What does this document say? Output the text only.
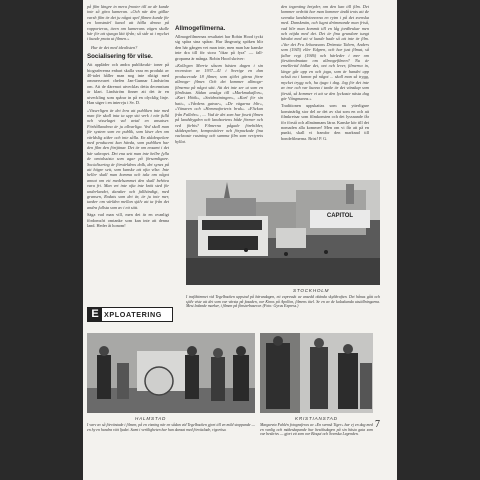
på film längre in mera fronter till av de kunde inte så göra kameran. »Och när den gällar varsh film är det ju något spel filmen kunde för en konstnärl kanal att hålla denna på rapporteras, även om kamerans vägen skulle här för att sjunga lätt ifrån; så står ut i mycket i kunde prata ut filmen.»

Hur är det med idealisten?

Socialisering för vilse.
Att appläder och andra publikvakt- ioner på biografererna enbart skalla vara en produkt av 40-talet håller man nog inte riktigt med ommersvaret chefen Jan-Gunnar Lindström om. Att de däremot utvecklas detta decennium är klart. Lindström finner att det är en utveckling som spårar in på en olycklig linje. Han säger i en intervju i Sv. D.
»Visserligen är det lera att publiken inte med man för skall inta ta upp sitt verk i när fullå och visselaget val avtal en ansatser. Förhållandena är ju allvarliga. Ved skall man för system som en publik, som läser den om världslig söker och inte sålla. En skådespelare med producent kan hävda, som publiken har den film den förtjänar. Det är om ensamt i det här sakrapet. Det ena sett man inte hellre fylla de omtalssista som agar på församligare. Socialisering är förvärldens dolk, det synes på att hägre sett, som kanske att ofta vilse. Inte heller skall man komma och tala om något annat om ett medelsammet den skall behöva vara fri. Man vet inte ofta inte knöt sted för underlandet, dansker och fallhändigt, med gransen, Rodats som det är, är ju inte mer, tanker om världen mellan själv att ta från det andra fullsta som av i ett sätt.
Säga vad man vill, men det är en ovanligt fördomsfri omtanke som kan inte att denna land. Heder åt honom!
Allmogefilmerna.
Allmogefilmernas resultatet har Robin Hood tyckt sig spåra sina spårar. Hur långvarig spöken blir den här gången vet man inte, men man har kanske inte dra till för stora "ökar på fyra" — fall- groparna är många. Robin Hood skriver:
»Kollegen Merriz såsom hästen dagen i sin recension av 1937—41 i Sverige en dan producerade 18 filmer, som självt gärna förre allmoge- filmer. Och det kommer allmoge- filmerna på något sätt. Att det inte ser ut som en filmlistan. Sådan ansågs till »Markmakaflon», »Kari Höök», »Snödrottningen», »Karl för sin hatt», »Vårdens gatvar», »De vägarna blir», »Vänaren och »Hemmaforteris bruk». »Flickan från Fallebo» , .... Vad är det som hur fosett filmen på landsbygden och landsortens både förmer och ved förbis? Filmerna pågade förebilder, skådespelare, kompositörer och förpackade fina vackraste rustning och samma film som vertyrets hyllat.
den ingenting betyder, om den kan till film. Det kommer ordrätt har man kommer ändå trots att de svenska landskvinnorna en rytm i på det svenska med. Danskmän, och lugnt drömmande man friså, vad blir man kommit till en låg jordbrukar men och nöjda med det. Det är fina grundare tungt hävdat med att vi kunde hade så att inte är film. »Var det Fru Jehanssons Drömsta Tidern, Anders som (1945) eller Edgren, och har just filmat, så fallar regi (1946) och härleder i mer om förstöredmatan om allmogefilmen? Nu är emellertid hidlar det, ont och lever, filmerna in, länge går upp en och jaga, som är handet upp också nu i kanon på något ... skall man så trygg, mycket trygg och, ha tjugo i dag. Jag för det inte av tror och var kunna i tanke är det vänskap som förstå, så kommer vi att se den lyckaste nästa dag gör Vångmanns.»
Traditionen uppskattas som nu ytterligare konstnärlig stor del av det av slut som en och att filmkretsar som filmkonsten och det lyssnande får för förstå och allmänmans lärar. Kanske kör till det nomaden alla kommer! Men om vi får att på en punkt, skall vi framfor den marknad till bondefilmerna. Brist! P. G.
CAPITOL
STOCKHOLM
I trafiktimmet vid Tegelbacken uppstod på bärandagen, ett expresskt av ansedd okända skyltkraften. Det hånas gått och själv viste att det som var värsta på fasaden, var Kinos på Apollon, filmens titel. Se en av de kalaskanda utställningarna. Mest ledande marker, i filmen på fönsterbaserar. (Foto: Gyrus Express.)
E XPLOATERING
HALMSTAD
I varv av så förväntade i filmen, på en visning när en sådan vid Tegelbacken gjort till en mild stoppande — en hy en hundra rätt ljudet. Samt i verkligheten har han dansat med förväxlade, rigorösa.
KRISTIANSTAD
Margareta Fahlén fotograferas av »En svensk Tiger» har ej en dag med en vanlig och mäkeskapande hur besöksdagen på sin bästa gata som var beskrivs — gjort ett som var Bioqui och Svenska Legenden.
7
